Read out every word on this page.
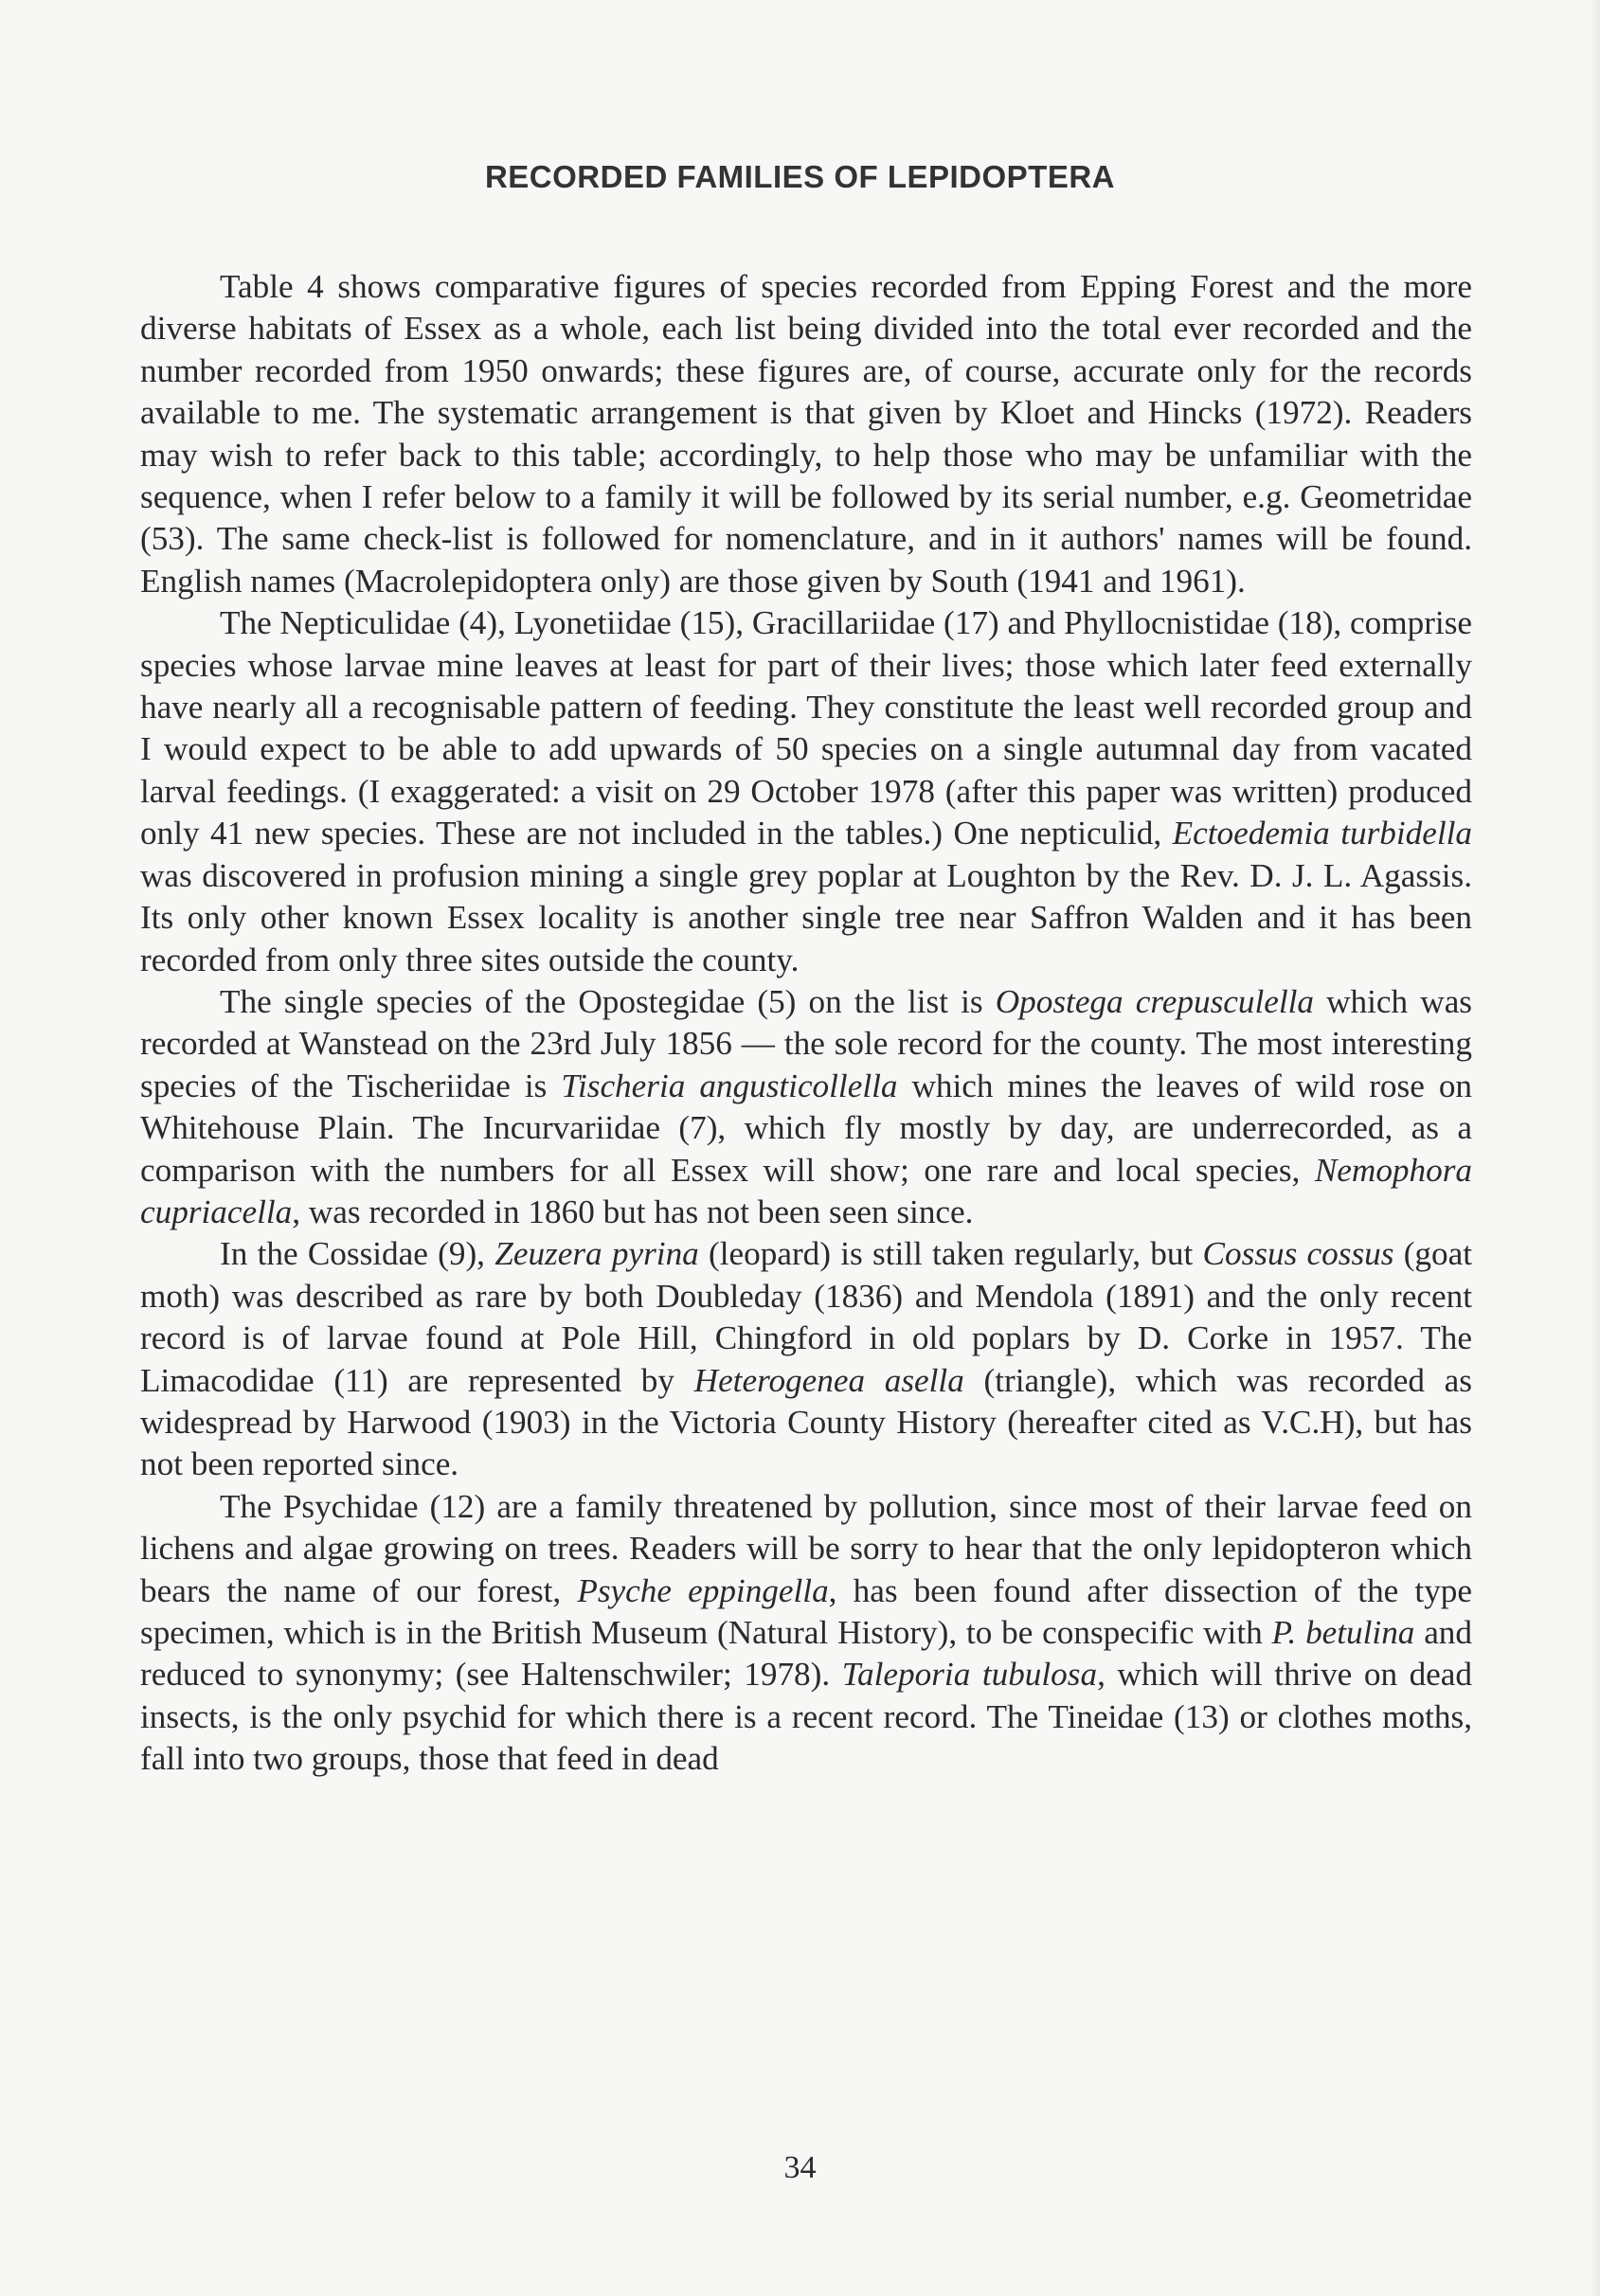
RECORDED FAMILIES OF LEPIDOPTERA

Table 4 shows comparative figures of species recorded from Epping Forest and the more diverse habitats of Essex as a whole, each list being divided into the total ever recorded and the number recorded from 1950 onwards; these figures are, of course, accurate only for the records available to me. The systematic arrangement is that given by Kloet and Hincks (1972). Readers may wish to refer back to this table; accordingly, to help those who may be unfamiliar with the sequence, when I refer below to a family it will be followed by its serial number, e.g. Geometridae (53). The same check-list is followed for nomenclature, and in it authors' names will be found. English names (Macrolepidoptera only) are those given by South (1941 and 1961).

The Nepticulidae (4), Lyonetiidae (15), Gracillariidae (17) and Phyllocnistidae (18), comprise species whose larvae mine leaves at least for part of their lives; those which later feed externally have nearly all a recognisable pattern of feeding. They constitute the least well recorded group and I would expect to be able to add upwards of 50 species on a single autumnal day from vacated larval feedings. (I exaggerated: a visit on 29 October 1978 (after this paper was written) produced only 41 new species. These are not included in the tables.) One nepticulid, Ectoedemia turbidella was discovered in profusion mining a single grey poplar at Loughton by the Rev. D. J. L. Agassis. Its only other known Essex locality is another single tree near Saffron Walden and it has been recorded from only three sites outside the county.

The single species of the Opostegidae (5) on the list is Opostega crepusculella which was recorded at Wanstead on the 23rd July 1856 — the sole record for the county. The most interesting species of the Tischeriidae is Tischeria angusticollella which mines the leaves of wild rose on Whitehouse Plain. The Incurvariidae (7), which fly mostly by day, are underrecorded, as a comparison with the numbers for all Essex will show; one rare and local species, Nemophora cupriacella, was recorded in 1860 but has not been seen since.

In the Cossidae (9), Zeuzera pyrina (leopard) is still taken regularly, but Cossus cossus (goat moth) was described as rare by both Doubleday (1836) and Mendola (1891) and the only recent record is of larvae found at Pole Hill, Chingford in old poplars by D. Corke in 1957. The Limacodidae (11) are represented by Heterogenea asella (triangle), which was recorded as widespread by Harwood (1903) in the Victoria County History (hereafter cited as V.C.H), but has not been reported since.

The Psychidae (12) are a family threatened by pollution, since most of their larvae feed on lichens and algae growing on trees. Readers will be sorry to hear that the only lepidopteron which bears the name of our forest, Psyche eppingella, has been found after dissection of the type specimen, which is in the British Museum (Natural History), to be conspecific with P. betulina and reduced to synonymy; (see Haltenschwiler; 1978). Taleporia tubulosa, which will thrive on dead insects, is the only psychid for which there is a recent record. The Tineidae (13) or clothes moths, fall into two groups, those that feed in dead

34
